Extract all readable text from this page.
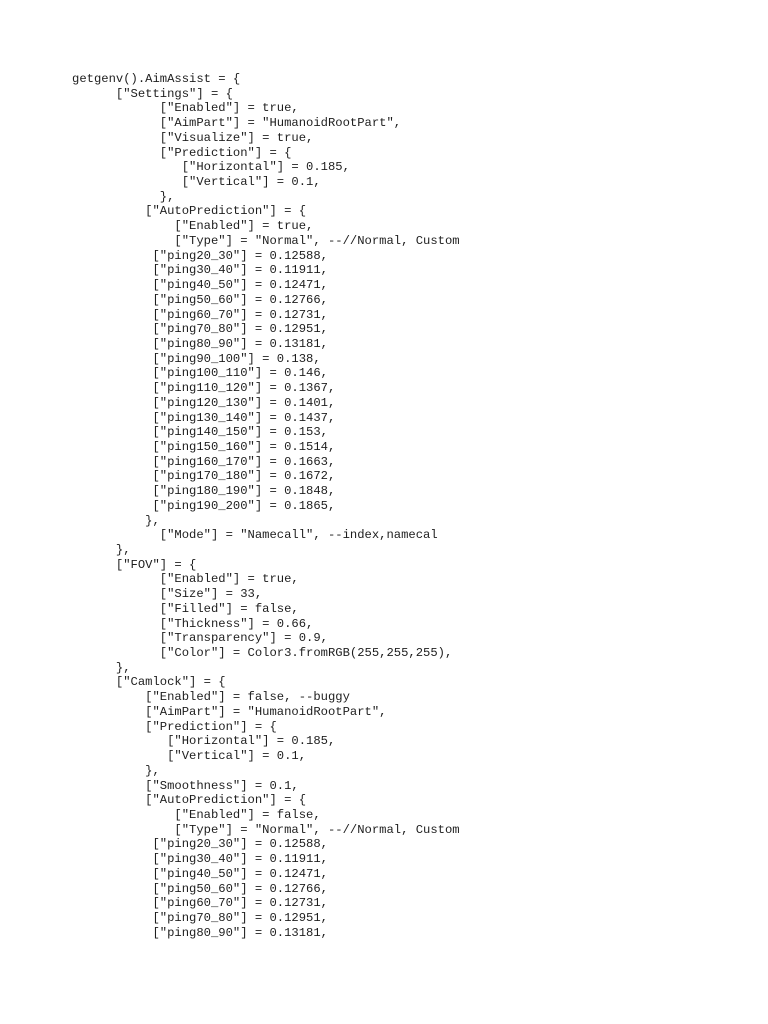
getgenv().AimAssist = {
["Settings"] = {
["Enabled"] = true,
["AimPart"] = "HumanoidRootPart",
["Visualize"] = true,
["Prediction"] = {
["Horizontal"] = 0.185,
["Vertical"] = 0.1,
},
["AutoPrediction"] = {
["Enabled"] = true,
["Type"] = "Normal", --//Normal, Custom
["ping20_30"] = 0.12588,
["ping30_40"] = 0.11911,
["ping40_50"] = 0.12471,
["ping50_60"] = 0.12766,
["ping60_70"] = 0.12731,
["ping70_80"] = 0.12951,
["ping80_90"] = 0.13181,
["ping90_100"] = 0.138,
["ping100_110"] = 0.146,
["ping110_120"] = 0.1367,
["ping120_130"] = 0.1401,
["ping130_140"] = 0.1437,
["ping140_150"] = 0.153,
["ping150_160"] = 0.1514,
["ping160_170"] = 0.1663,
["ping170_180"] = 0.1672,
["ping180_190"] = 0.1848,
["ping190_200"] = 0.1865,
},
["Mode"] = "Namecall", --index,namecal
},
["FOV"] = {
["Enabled"] = true,
["Size"] = 33,
["Filled"] = false,
["Thickness"] = 0.66,
["Transparency"] = 0.9,
["Color"] = Color3.fromRGB(255,255,255),
},
["Camlock"] = {
["Enabled"] = false, --buggy
["AimPart"] = "HumanoidRootPart",
["Prediction"] = {
["Horizontal"] = 0.185,
["Vertical"] = 0.1,
},
["Smoothness"] = 0.1,
["AutoPrediction"] = {
["Enabled"] = false,
["Type"] = "Normal", --//Normal, Custom
["ping20_30"] = 0.12588,
["ping30_40"] = 0.11911,
["ping40_50"] = 0.12471,
["ping50_60"] = 0.12766,
["ping60_70"] = 0.12731,
["ping70_80"] = 0.12951,
["ping80_90"] = 0.13181,
